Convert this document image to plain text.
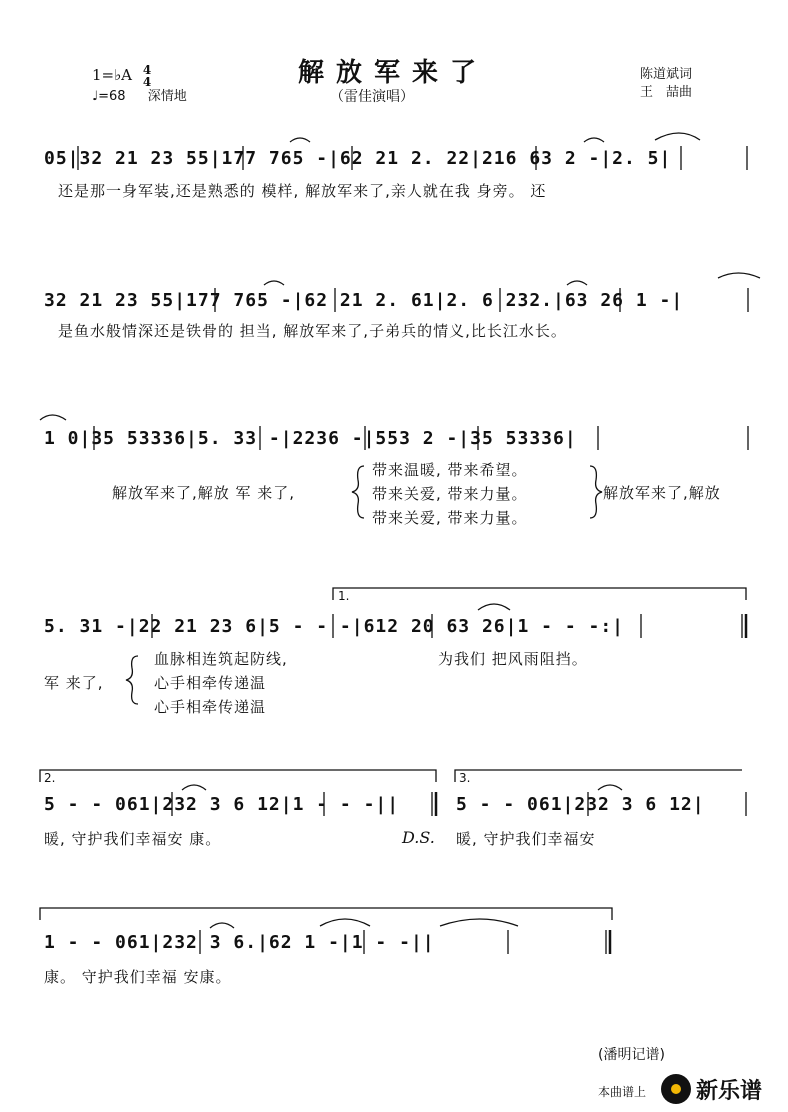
1=♭A 4
4
♩=68 深情地
解放军来了
（雷佳演唱）
陈道斌词
王　喆曲
05|32 21 23 55|177 765 -|62 21 2. 22|216 63 2 -|2. 5|
还是那一身军装,还是熟悉的 模样, 解放军来了,亲人就在我 身旁。 还
32 21 23 55|177 765 -|62 21 2. 61|2. 6 232.|63 26 1 -|
是鱼水般情深还是铁骨的 担当, 解放军来了,子弟兵的情义,比长江水长。
1 0|35 53336|5. 33 -|2236 -|553 2 -|35 53336|
解放军来了,解放 军 来了,
带来温暖, 带来希望。
带来关爱, 带来力量。
带来关爱, 带来力量。
解放军来了,解放
1.
5. 31 -|22 21 23 6|5 - - -|612 20 63 26|1 - - -:|
军 来了,
血脉相连筑起防线,
心手相牵传递温
心手相牵传递温
为我们 把风雨阻挡。
2.	3.
5 - - 061|232 3 6 12|1 - - -||
暖, 守护我们幸福安 康。	D.S.
5 - - 061|232 3 6 12|
暖, 守护我们幸福安
1 - - 061|232 3 6.|62 1 -|1 - -||
康。 守护我们幸福 安康。
(潘明记谱)
本曲谱上 新乐谱
